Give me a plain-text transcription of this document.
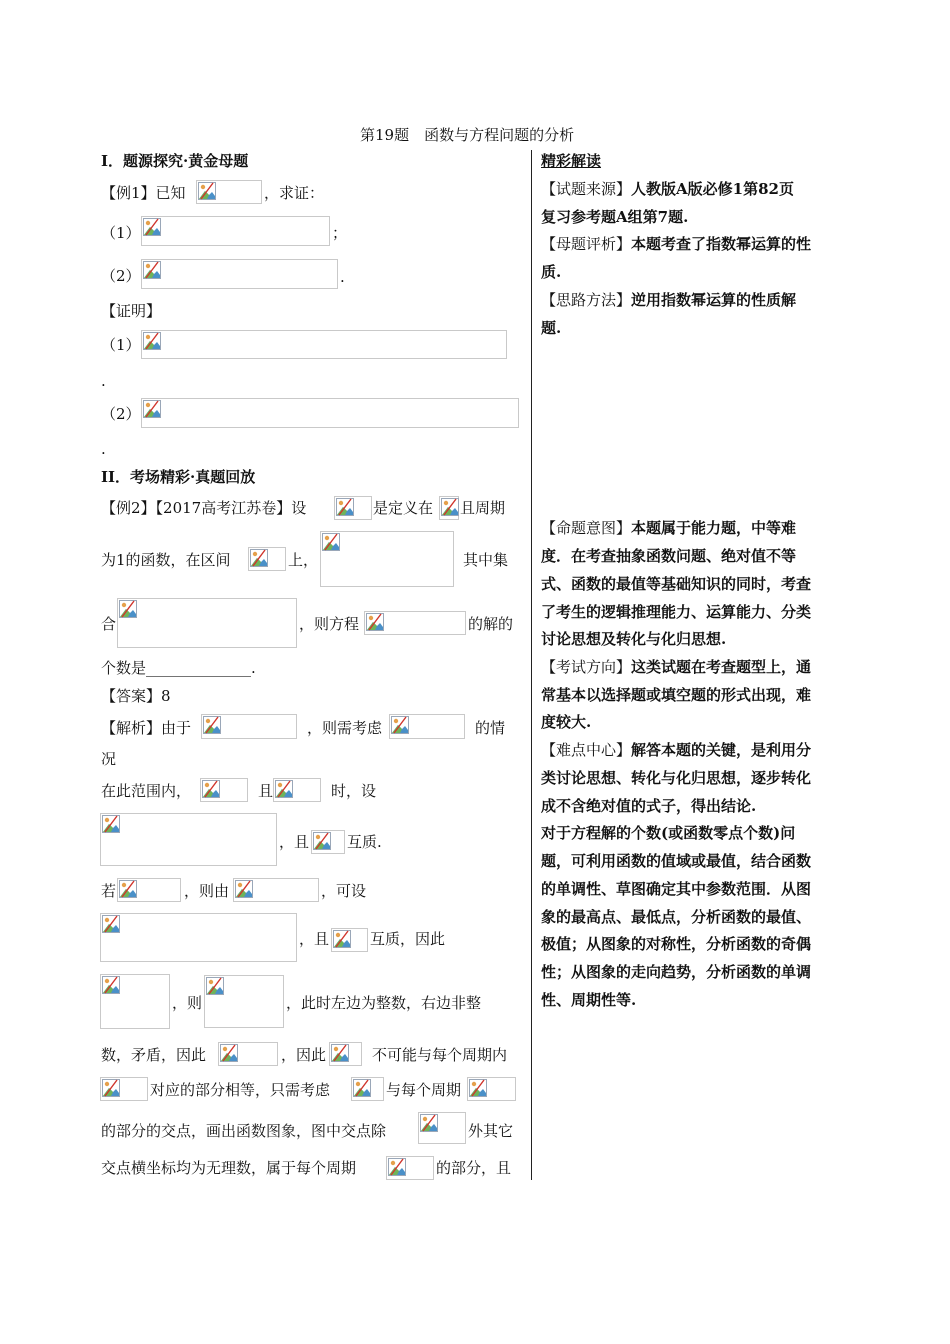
第19题　函数与方程问题的分析
I．题源探究·黄金母题
【例1】已知	，求证：
（1）	；
（2）	.
【证明】
（1）
.
（2）
.
II．考场精彩·真题回放
【例2】【2017高考江苏卷】设	是定义在 且周期
为1的函数，在区间	上，	其中集
合	，则方程	的解的
个数是______________.
【答案】8
【解析】由于	，则需考虑	的情
况
在此范围内，	且	时，设
，且	互质.
若	，则由	，可设
，且	互质，因此
，则	，此时左边为整数，右边非整
数，矛盾，因此	，因此	不可能与每个周期内
对应的部分相等，只需考虑	与每个周期
的部分的交点，画出函数图象，图中交点除	外其它
交点横坐标均为无理数，属于每个周期	的部分，且
精彩解读
【试题来源】人教版A版必修1第82页
复习参考题A组第7题.
【母题评析】本题考查了指数幂运算的性
质.
【思路方法】逆用指数幂运算的性质解
题.
【命题意图】本题属于能力题，中等难
度．在考查抽象函数问题、绝对值不等
式、函数的最值等基础知识的同时，考查
了考生的逻辑推理能力、运算能力、分类
讨论思想及转化与化归思想.
【考试方向】这类试题在考查题型上，通
常基本以选择题或填空题的形式出现，难
度较大.
【难点中心】解答本题的关键，是利用分
类讨论思想、转化与化归思想，逐步转化
成不含绝对值的式子，得出结论.
对于方程解的个数(或函数零点个数)问
题，可利用函数的值域或最值，结合函数
的单调性、草图确定其中参数范围．从图
象的最高点、最低点，分析函数的最值、
极值；从图象的对称性，分析函数的奇偶
性；从图象的走向趋势，分析函数的单调
性、周期性等.
